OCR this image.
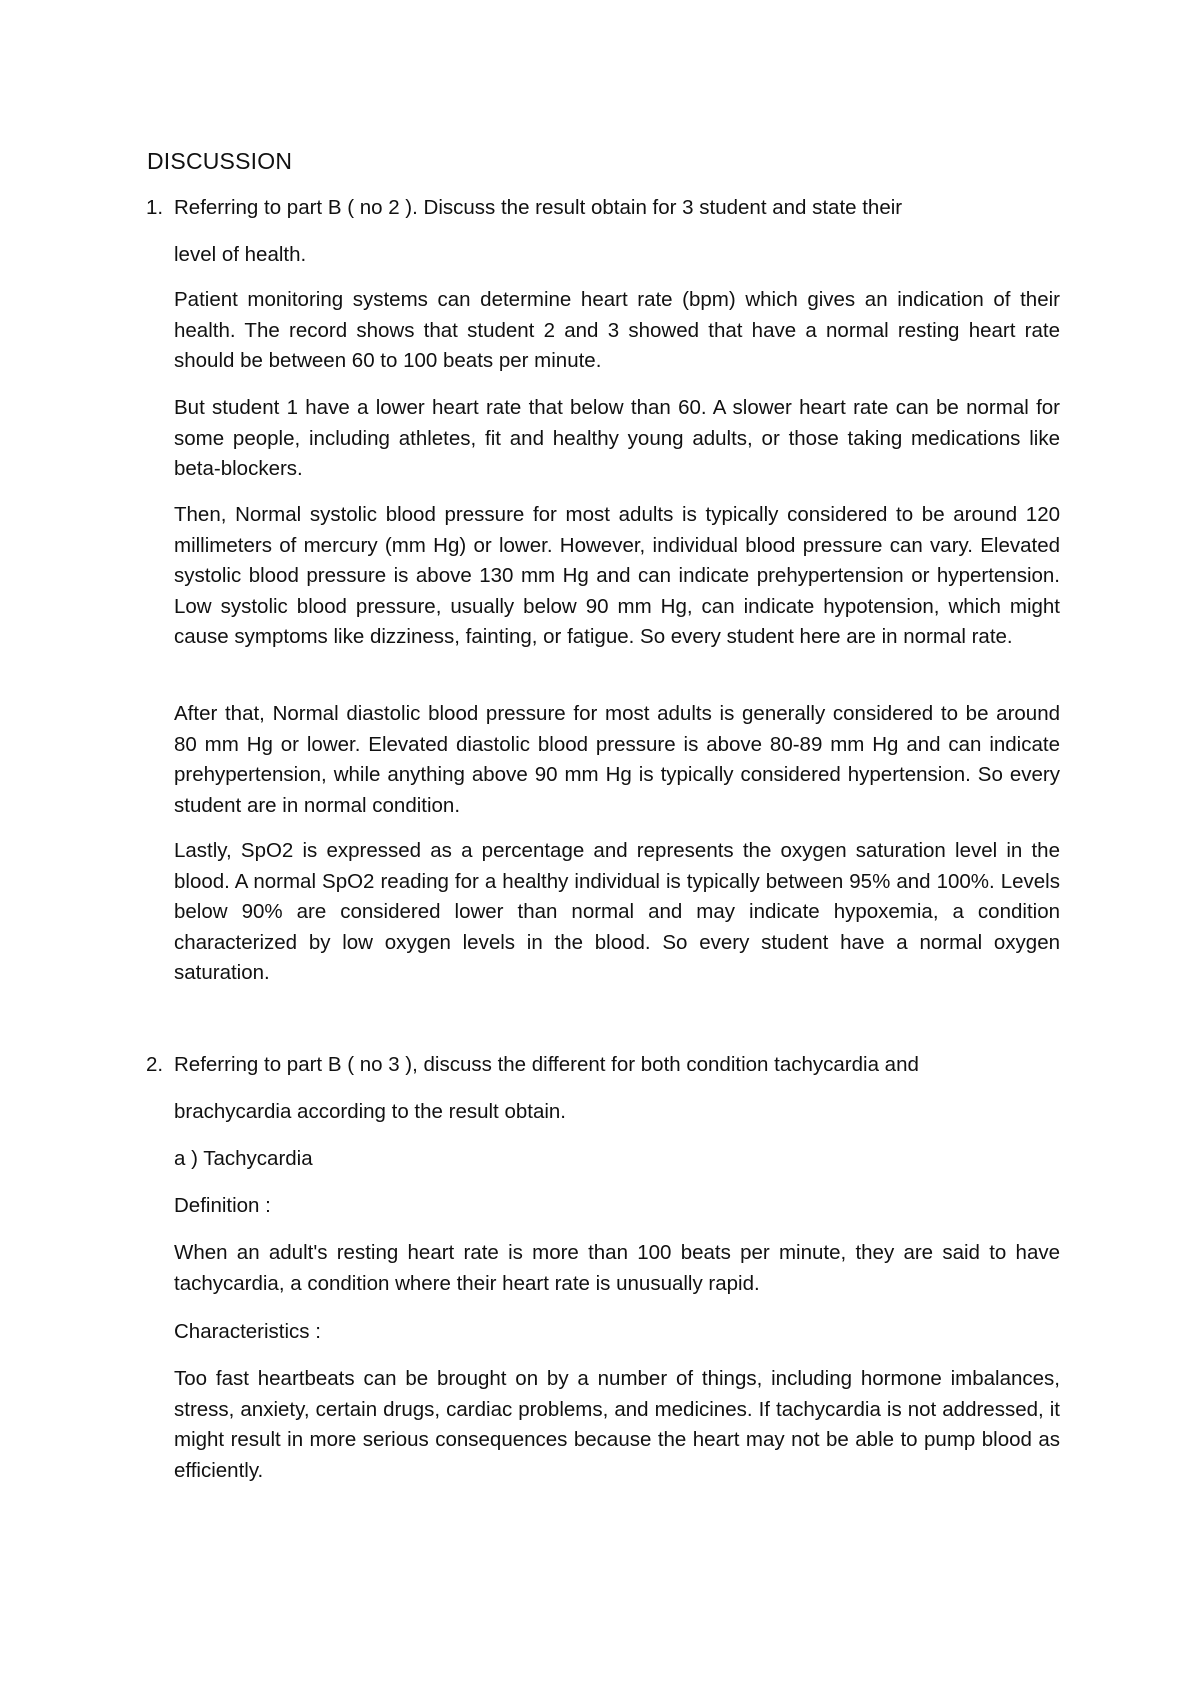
DISCUSSION
1. Referring to part B ( no 2 ). Discuss the result obtain for 3 student and state their
level of health.

Patient monitoring systems can determine heart rate (bpm) which gives an indication of their health. The record shows that student 2 and 3 showed that have a normal resting heart rate should be between 60 to 100 beats per minute.

But student 1 have a lower heart rate that below than 60. A slower heart rate can be normal for some people, including athletes, fit and healthy young adults, or those taking medications like beta-blockers.

Then, Normal systolic blood pressure for most adults is typically considered to be around 120 millimeters of mercury (mm Hg) or lower. However, individual blood pressure can vary. Elevated systolic blood pressure is above 130 mm Hg and can indicate prehypertension or hypertension. Low systolic blood pressure, usually below 90 mm Hg, can indicate hypotension, which might cause symptoms like dizziness, fainting, or fatigue. So every student here are in normal rate.

After that, Normal diastolic blood pressure for most adults is generally considered to be around 80 mm Hg or lower. Elevated diastolic blood pressure is above 80-89 mm Hg and can indicate prehypertension, while anything above 90 mm Hg is typically considered hypertension. So every student are in normal condition.

Lastly, SpO2 is expressed as a percentage and represents the oxygen saturation level in the blood. A normal SpO2 reading for a healthy individual is typically between 95% and 100%. Levels below 90% are considered lower than normal and may indicate hypoxemia, a condition characterized by low oxygen levels in the blood. So every student have a normal oxygen saturation.

2. Referring to part B ( no 3 ), discuss the different for both condition tachycardia and
brachycardia according to the result obtain.
a ) Tachycardia
Definition :

When an adult's resting heart rate is more than 100 beats per minute, they are said to have tachycardia, a condition where their heart rate is unusually rapid.

Characteristics :

Too fast heartbeats can be brought on by a number of things, including hormone imbalances, stress, anxiety, certain drugs, cardiac problems, and medicines. If tachycardia is not addressed, it might result in more serious consequences because the heart may not be able to pump blood as efficiently.
